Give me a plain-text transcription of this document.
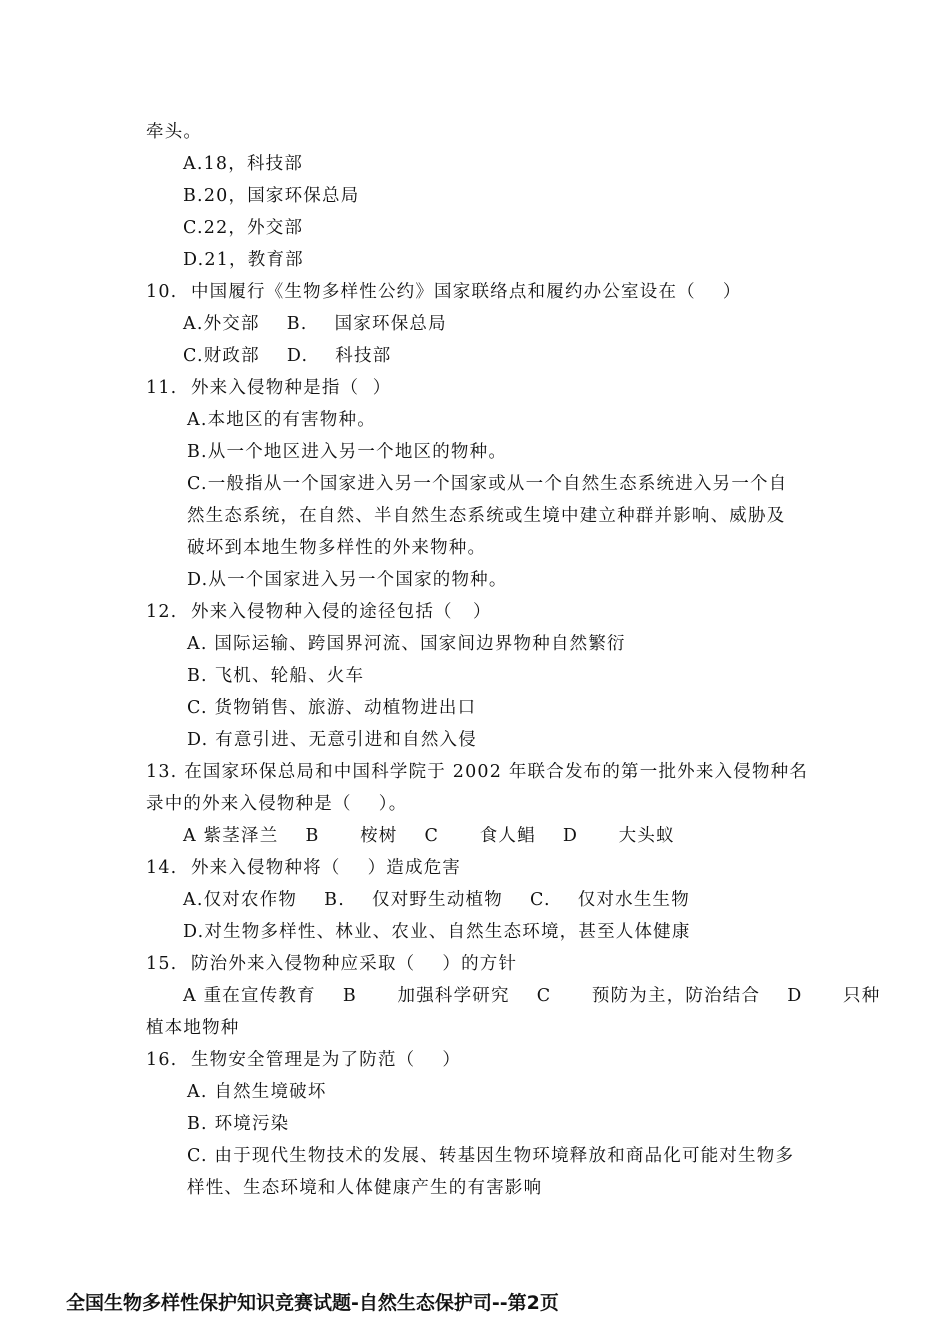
牵头。
A.18，科技部
B.20，国家环保总局
C.22，外交部
D.21，教育部
10.  中国履行《生物多样性公约》国家联络点和履约办公室设在（    ）
A.外交部    B.    国家环保总局
C.财政部    D.    科技部
11.  外来入侵物种是指（  ）
A.本地区的有害物种。
B.从一个地区进入另一个地区的物种。
C.一般指从一个国家进入另一个国家或从一个自然生态系统进入另一个自
然生态系统，在自然、半自然生态系统或生境中建立种群并影响、威胁及
破坏到本地生物多样性的外来物种。
D.从一个国家进入另一个国家的物种。
12.  外来入侵物种入侵的途径包括（   ）
A. 国际运输、跨国界河流、国家间边界物种自然繁衍
B. 飞机、轮船、火车
C. 货物销售、旅游、动植物进出口
D. 有意引进、无意引进和自然入侵
13. 在国家环保总局和中国科学院于 2002 年联合发布的第一批外来入侵物种名
录中的外来入侵物种是（    ）。
A 紫茎泽兰    B      桉树    C      食人鲳    D      大头蚁
14.  外来入侵物种将（    ）造成危害
A.仅对农作物    B.    仅对野生动植物    C.    仅对水生生物
D.对生物多样性、林业、农业、自然生态环境，甚至人体健康
15.  防治外来入侵物种应采取（    ）的方针
A 重在宣传教育    B      加强科学研究    C      预防为主，防治结合    D      只种
植本地物种
16.  生物安全管理是为了防范（    ）
A. 自然生境破坏
B. 环境污染
C. 由于现代生物技术的发展、转基因生物环境释放和商品化可能对生物多
样性、生态环境和人体健康产生的有害影响
全国生物多样性保护知识竞赛试题-自然生态保护司--第2页
